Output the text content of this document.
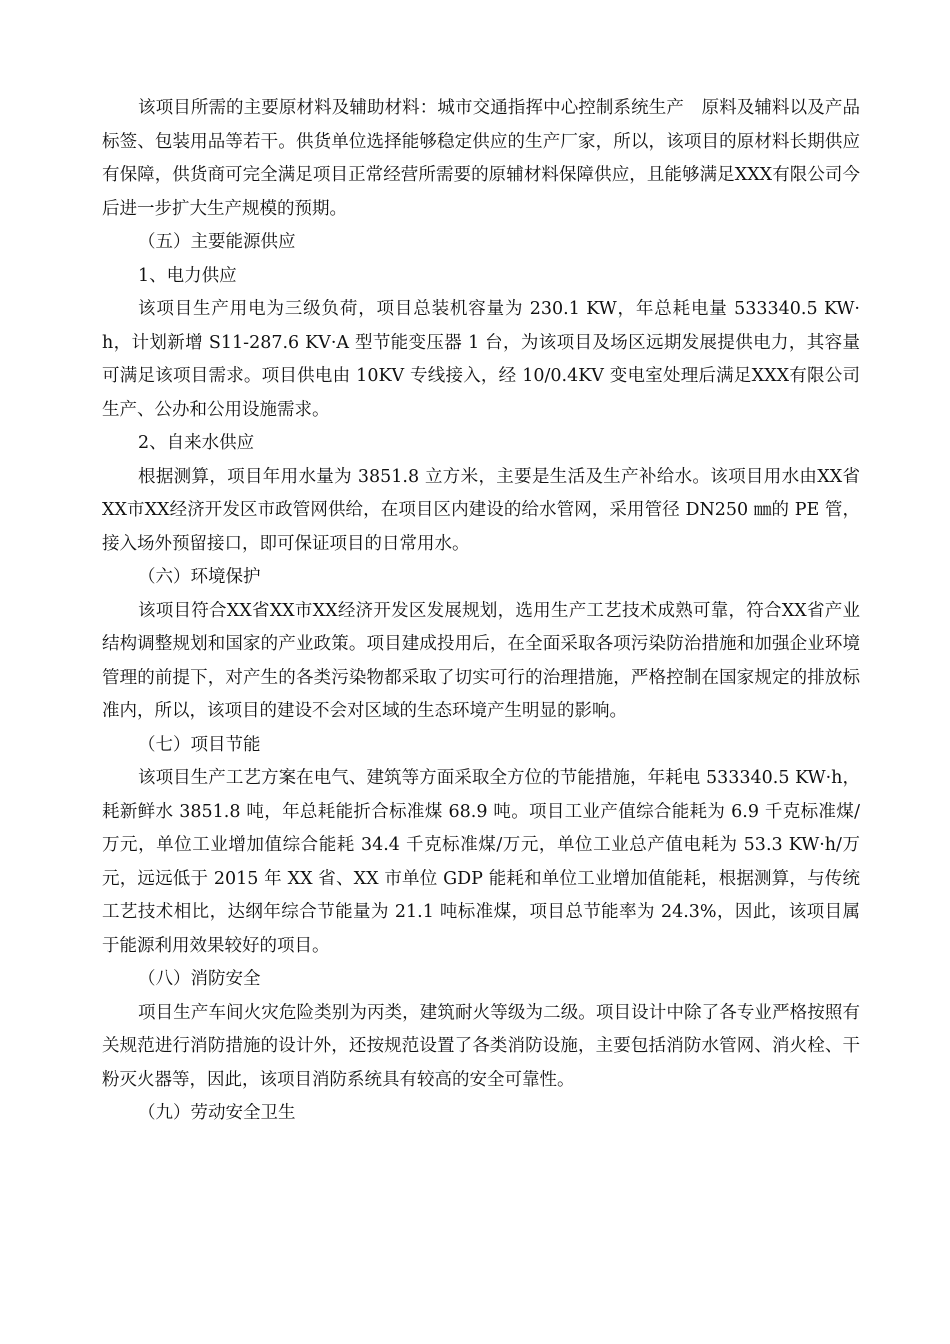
该项目所需的主要原材料及辅助材料：城市交通指挥中心控制系统生产　原料及辅料以及产品标签、包装用品等若干。供货单位选择能够稳定供应的生产厂家，所以，该项目的原材料长期供应有保障，供货商可完全满足项目正常经营所需要的原辅材料保障供应，且能够满足XXX有限公司今后进一步扩大生产规模的预期。

（五）主要能源供应

1、电力供应

该项目生产用电为三级负荷，项目总装机容量为 230.1 KW，年总耗电量 533340.5 KW·h，计划新增 S11-287.6 KV·A 型节能变压器 1 台，为该项目及场区远期发展提供电力，其容量可满足该项目需求。项目供电由 10KV 专线接入，经 10/0.4KV 变电室处理后满足XXX有限公司生产、公办和公用设施需求。

2、自来水供应

根据测算，项目年用水量为 3851.8 立方米，主要是生活及生产补给水。该项目用水由XX省XX市XX经济开发区市政管网供给，在项目区内建设的给水管网，采用管径 DN250 ㎜的 PE 管，接入场外预留接口，即可保证项目的日常用水。

（六）环境保护

该项目符合XX省XX市XX经济开发区发展规划，选用生产工艺技术成熟可靠，符合XX省产业结构调整规划和国家的产业政策。项目建成投用后，在全面采取各项污染防治措施和加强企业环境管理的前提下，对产生的各类污染物都采取了切实可行的治理措施，严格控制在国家规定的排放标准内，所以，该项目的建设不会对区域的生态环境产生明显的影响。

（七）项目节能

该项目生产工艺方案在电气、建筑等方面采取全方位的节能措施，年耗电 533340.5 KW·h，耗新鲜水 3851.8 吨，年总耗能折合标准煤 68.9 吨。项目工业产值综合能耗为 6.9 千克标准煤/万元，单位工业增加值综合能耗 34.4 千克标准煤/万元，单位工业总产值电耗为 53.3 KW·h/万元，远远低于 2015 年 XX 省、XX 市单位 GDP 能耗和单位工业增加值能耗，根据测算，与传统工艺技术相比，达纲年综合节能量为 21.1 吨标准煤，项目总节能率为 24.3%，因此，该项目属于能源利用效果较好的项目。

（八）消防安全

项目生产车间火灾危险类别为丙类，建筑耐火等级为二级。项目设计中除了各专业严格按照有关规范进行消防措施的设计外，还按规范设置了各类消防设施，主要包括消防水管网、消火栓、干粉灭火器等，因此，该项目消防系统具有较高的安全可靠性。

（九）劳动安全卫生
